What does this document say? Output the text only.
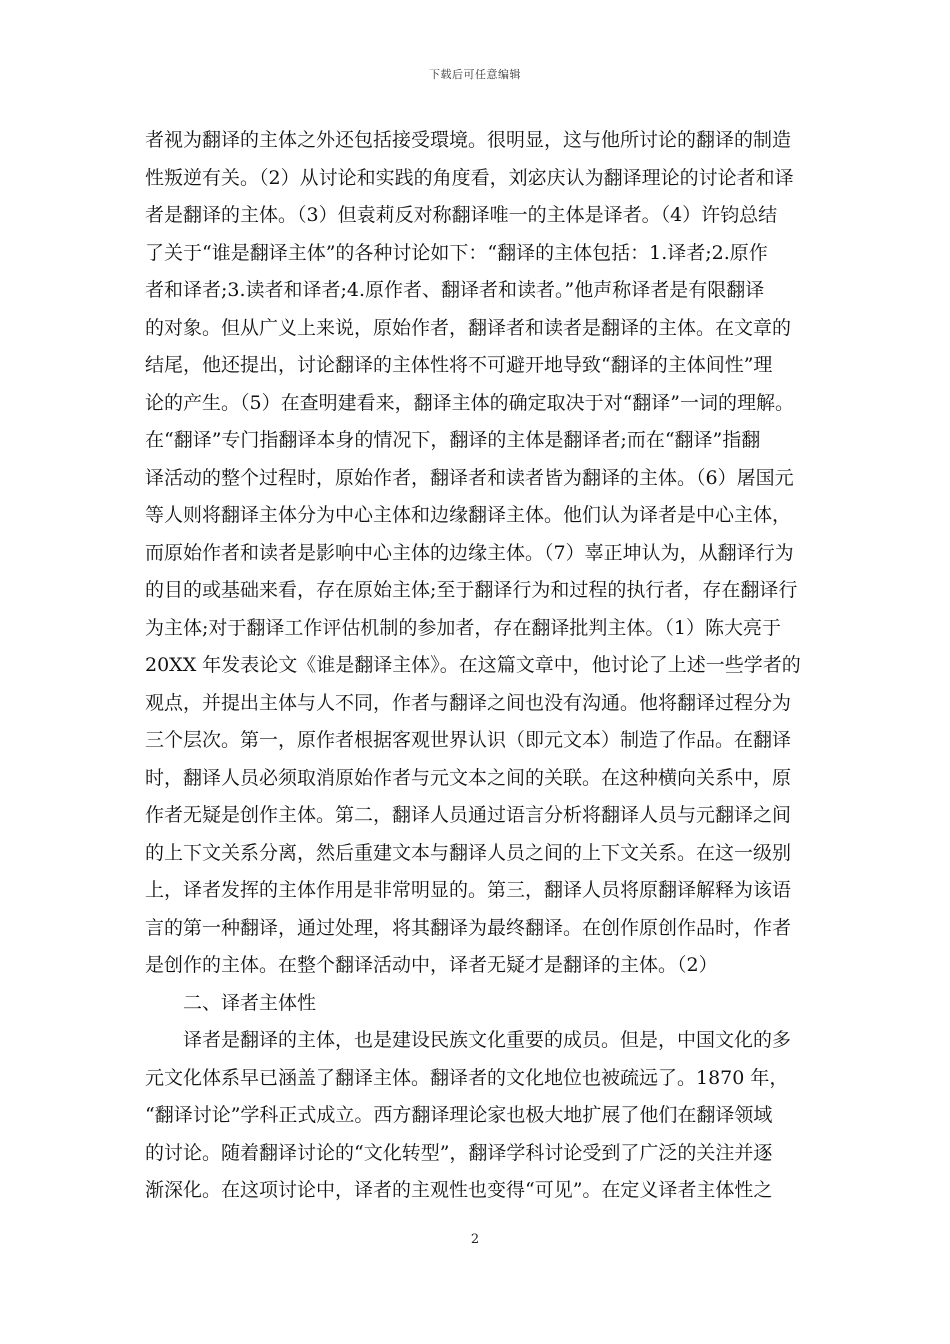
下载后可任意编辑
者视为翻译的主体之外还包括接受環境。很明显，这与他所讨论的翻译的制造
性叛逆有关。（2）从讨论和实践的角度看，刘宓庆认为翻译理论的讨论者和译
者是翻译的主体。（3）但袁莉反对称翻译唯一的主体是译者。（4）许钧总结
了关于“谁是翻译主体”的各种讨论如下：“翻译的主体包括：1.译者;2.原作
者和译者;3.读者和译者;4.原作者、翻译者和读者。”他声称译者是有限翻译
的对象。但从广义上来说，原始作者，翻译者和读者是翻译的主体。在文章的
结尾，他还提出，讨论翻译的主体性将不可避开地导致“翻译的主体间性”理
论的产生。（5）在查明建看来，翻译主体的确定取决于对“翻译”一词的理解。
在“翻译”专门指翻译本身的情况下，翻译的主体是翻译者;而在“翻译”指翻
译活动的整个过程时，原始作者，翻译者和读者皆为翻译的主体。（6）屠国元
等人则将翻译主体分为中心主体和边缘翻译主体。他们认为译者是中心主体，
而原始作者和读者是影响中心主体的边缘主体。（7）辜正坤认为，从翻译行为
的目的或基础来看，存在原始主体;至于翻译行为和过程的执行者，存在翻译行
为主体;对于翻译工作评估机制的参加者，存在翻译批判主体。（1）陈大亮于
20XX 年发表论文《谁是翻译主体》。在这篇文章中，他讨论了上述一些学者的
观点，并提出主体与人不同，作者与翻译之间也没有沟通。他将翻译过程分为
三个层次。第一，原作者根据客观世界认识（即元文本）制造了作品。在翻译
时，翻译人员必须取消原始作者与元文本之间的关联。在这种横向关系中，原
作者无疑是创作主体。第二，翻译人员通过语言分析将翻译人员与元翻译之间
的上下文关系分离，然后重建文本与翻译人员之间的上下文关系。在这一级别
上，译者发挥的主体作用是非常明显的。第三，翻译人员将原翻译解释为该语
言的第一种翻译，通过处理，将其翻译为最终翻译。在创作原创作品时，作者
是创作的主体。在整个翻译活动中，译者无疑才是翻译的主体。（2）
二、译者主体性
译者是翻译的主体，也是建设民族文化重要的成员。但是，中国文化的多
元文化体系早已涵盖了翻译主体。翻译者的文化地位也被疏远了。1870 年，
“翻译讨论”学科正式成立。西方翻译理论家也极大地扩展了他们在翻译领域
的讨论。随着翻译讨论的“文化转型”，翻译学科讨论受到了广泛的关注并逐
渐深化。在这项讨论中，译者的主观性也变得“可见”。在定义译者主体性之
2
